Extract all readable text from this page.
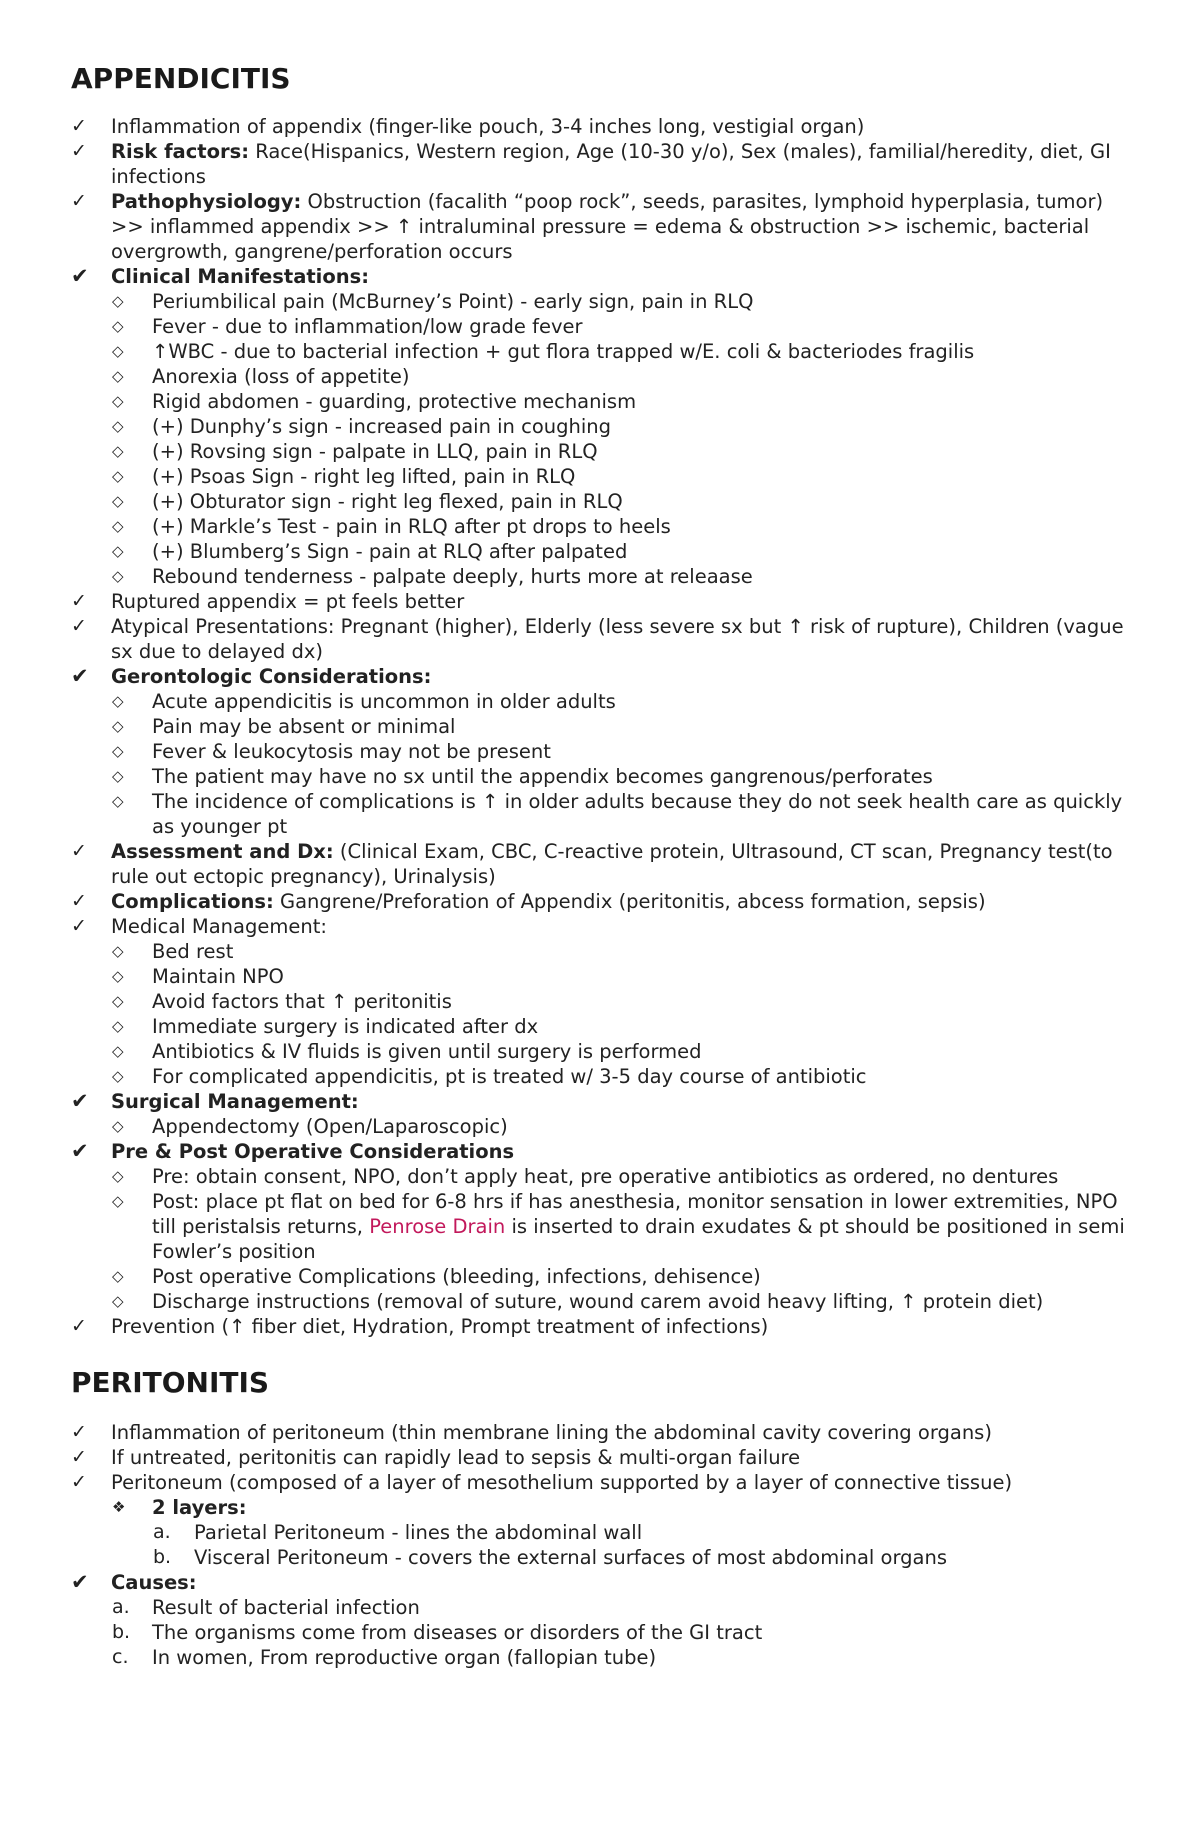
APPENDICITIS
✓	Inflammation of appendix (finger-like pouch, 3-4 inches long, vestigial organ)
✓	Risk factors: Race(Hispanics, Western region, Age (10-30 y/o), Sex (males), familial/heredity, diet, GI infections
✓	Pathophysiology: Obstruction (facalith “poop rock”, seeds, parasites, lymphoid hyperplasia, tumor) >> inflammed appendix >> ↑ intraluminal pressure = edema & obstruction >> ischemic, bacterial overgrowth, gangrene/perforation occurs
✔ Clinical Manifestations:
◇	Periumbilical pain (McBurney’s Point) - early sign, pain in RLQ
◇	Fever - due to inflammation/low grade fever
◇	↑WBC - due to bacterial infection + gut flora trapped w/E. coli & bacteriodes fragilis
◇	Anorexia (loss of appetite)
◇	Rigid abdomen - guarding, protective mechanism
◇	(+) Dunphy’s sign - increased pain in coughing
◇	(+) Rovsing sign - palpate in LLQ, pain in RLQ
◇	(+) Psoas Sign - right leg lifted, pain in RLQ
◇	(+) Obturator sign - right leg flexed, pain in RLQ
◇	(+) Markle’s Test - pain in RLQ after pt drops to heels
◇	(+) Blumberg’s Sign - pain at RLQ after palpated
◇	Rebound tenderness - palpate deeply, hurts more at releaase
✓	Ruptured appendix = pt feels better
✓	Atypical Presentations: Pregnant (higher), Elderly (less severe sx but ↑ risk of rupture), Children (vague sx due to delayed dx)
✔ Gerontologic Considerations:
◇	Acute appendicitis is uncommon in older adults
◇	Pain may be absent or minimal
◇	Fever & leukocytosis may not be present
◇	The patient may have no sx until the appendix becomes gangrenous/perforates
◇	The incidence of complications is ↑ in older adults because they do not seek health care as quickly as younger pt
✓	Assessment and Dx: (Clinical Exam, CBC, C-reactive protein, Ultrasound, CT scan, Pregnancy test(to rule out ectopic pregnancy), Urinalysis)
✓	Complications: Gangrene/Preforation of Appendix (peritonitis, abcess formation, sepsis)
✓	Medical Management:
◇	Bed rest
◇	Maintain NPO
◇	Avoid factors that ↑ peritonitis
◇	Immediate surgery is indicated after dx
◇	Antibiotics & IV fluids is given until surgery is performed
◇	For complicated appendicitis, pt is treated w/ 3-5 day course of antibiotic
✔ Surgical Management:
◇	Appendectomy (Open/Laparoscopic)
✔ Pre & Post Operative Considerations
◇	Pre: obtain consent, NPO, don’t apply heat, pre operative antibiotics as ordered, no dentures
◇	Post: place pt flat on bed for 6-8 hrs if has anesthesia, monitor sensation in lower extremities, NPO till peristalsis returns, Penrose Drain is inserted to drain exudates & pt should be positioned in semi Fowler’s position
◇	Post operative Complications (bleeding, infections, dehisence)
◇	Discharge instructions (removal of suture, wound carem avoid heavy lifting, ↑ protein diet)
✓	Prevention (↑ fiber diet, Hydration, Prompt treatment of infections)
PERITONITIS
✓	Inflammation of peritoneum (thin membrane lining the abdominal cavity covering organs)
✓	If untreated, peritonitis can rapidly lead to sepsis & multi-organ failure
✓	Peritoneum (composed of a layer of mesothelium supported by a layer of connective tissue)
❖	2 layers:
a. Parietal Peritoneum - lines the abdominal wall
b. Visceral Peritoneum - covers the external surfaces of most abdominal organs
✔ Causes:
a. Result of bacterial infection
b. The organisms come from diseases or disorders of the GI tract
c. In women, From reproductive organ (fallopian tube)
